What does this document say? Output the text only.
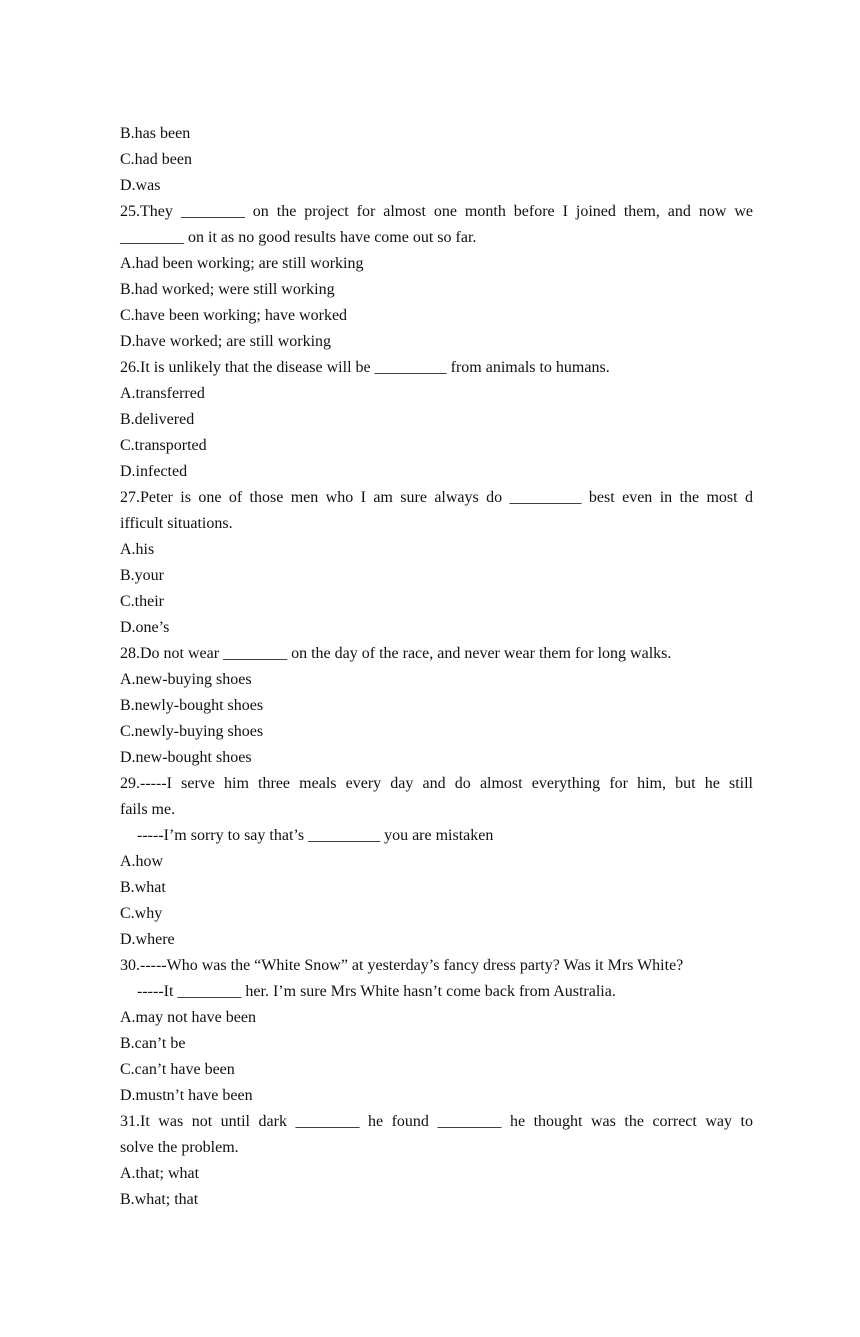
B.has been
C.had been
D.was
25.They ________ on the project for almost one month before I joined them, and now we
________ on it as no good results have come out so far.
A.had been working; are still working
B.had worked; were still working
C.have been working; have worked
D.have worked; are still working
26.It is unlikely that the disease will be _________ from animals to humans.
A.transferred
B.delivered
C.transported
D.infected
27.Peter is one of those men who I am sure always do _________ best even in the most d
ifficult situations.
A.his
B.your
C.their
D.one’s
28.Do not wear ________ on the day of the race, and never wear them for long walks.
A.new-buying shoes
B.newly-bought shoes
C.newly-buying shoes
D.new-bought shoes
29.-----I serve him three meals every day and do almost everything for him, but he still
fails me.
-----I’m sorry to say that’s _________ you are mistaken
A.how
B.what
C.why
D.where
30.-----Who was the “White Snow” at yesterday’s fancy dress party? Was it Mrs White?
-----It ________ her. I’m sure Mrs White hasn’t come back from Australia.
A.may not have been
B.can’t be
C.can’t have been
D.mustn’t have been
31.It was not until dark ________ he found ________ he thought was the correct way to
solve the problem.
A.that; what
B.what; that
